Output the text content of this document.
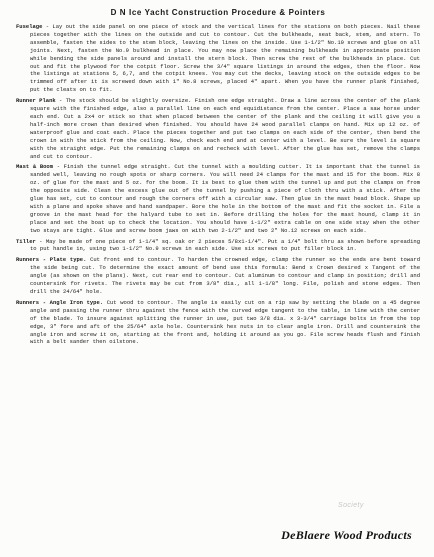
D N Ice Yacht Construction Procedure & Pointers
Fuselage - Lay out the side panel on one piece of stock and the vertical lines for the stations on both pieces. Nail these pieces together with the lines on the outside and cut to contour. Cut the bulkheads, seat back, stem, and stern. To assemble, fasten the sides to the stem block, leaving the lines on the inside. Use 1-1/2" No.10 screws and glue on all joints. Next, fasten the No.9 bulkhead in place. You may now place the remaining bulkheads in approximate position while bending the side panels around and install the stern block. Then screw the rest of the bulkheads in place. Cut out and fit the plywood for the cotpit floor. Screw the 3/4" square listings in around the edges, then the floor. Now the listings at stations 5, 6,7, and the cotpit knees. You may cut the decks, leaving stock on the outside edges to be trimmed off after it is screwed down with 1" No.8 screws, placed 4" apart. When you have the runner plank finished, put the cleats on to fit.
Runner Plank - The stock should be slightly oversize. Finish one edge straight. Draw a line across the center of the plank square with the finished edge, also a parallel line on each end equidistance from the center. Place a saw horse under each end. Cut a 2x4 or stick so that when placed between the center of the plank and the ceiling it will give you a half-inch more crown than desired when finished. You should have 24 wood parallel clamps on hand. Mix up 12 oz. of waterproof glue and coat each. Place the pieces together and put two clamps on each side of the center, then bend the crown in with the stick from the ceiling. Now, check each end and at center with a level. Be sure the level is square with the straight edge. Put the remaining clamps on and recheck with level. After the glue has set, remove the clamps and cut to contour.
Mast & Boom - Finish the tunnel edge straight. Cut the tunnel with a moulding cutter. It is important that the tunnel is sanded well, leaving no rough spots or sharp corners. You will need 24 clamps for the mast and 15 for the boom. Mix 8 oz. of glue for the mast and 5 oz. for the boom. It is best to glue them with the tunnel up and put the clamps on from the opposite side. Clean the excess glue out of the tunnel by pushing a piece of cloth thru with a stick. After the glue has set, cut to contour and rough the corners off with a circular saw. Then glue in the mast head block. Shape up with a plane and spoke shave and hand sandpaper. Bore the hole in the bottom of the mast and fit the socket in. File a groove in the mast head for the halyard tube to set in. Before drilling the holes for the mast hound, clamp it in place and set the boat up to check the location. You should have 1-1/2" extra cable on one side stay when the other two stays are tight. Glue and screw boom jaws on with two 2-1/2" and two 2" No.12 screws on each side.
Tiller - May be made of one piece of 1-1/4" sq. oak or 2 pieces 5/8x1-1/4". Put a 1/4" bolt thru as shown before spreading to put handle in, using two 1-1/2" No.9 screws in each side. Use six screws to put filler block in.
Runners - Plate type. Cut front end to contour. To harden the crowned edge, clamp the runner so the ends are bent toward the side being cut. To determine the exact amount of bend use this formula: Bend x Crown desired x Tangent of the angle (as shown on the plans). Next, cut rear end to contour. Cut aluminum to contour and clamp in position; drill and countersink for rivets. The rivets may be cut from 3/8" dia., all 1-1/8" long. File, polish and stone edges. Then drill the 24/64" hole.
Runners - Angle Iron type. Cut wood to contour. The angle is easily cut on a rip saw by setting the blade on a 45 degree angle and passing the runner thru against the fence with the curved edge tangent to the table, in line with the center of the blade. To insure against splitting the runner in use, put two 3/8 dia. x 3-3/4" carriage bolts in from the top edge, 3" fore and aft of the 25/64" axle hole. Countersink hex nuts in to clear angle iron. Drill and countersink the angle iron and screw it on, starting at the front and, holding it around as you go. File screw heads flush and finish with a belt sander then oilstone.
Society
DeBlaere Wood Products
